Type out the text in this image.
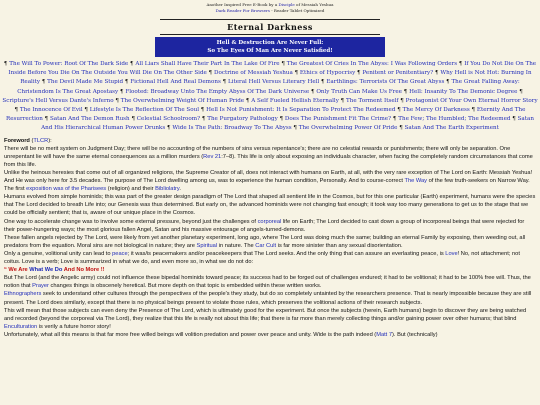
Another Inspired Free E-Book by a Disciple of Messiah Yeshua
Dark Reader For Browsers - Reader Tablet Optimized
Eternal Darkness
Hell & Destruction Are Never Full:
So The Eyes Of Man Are Never Satisfied!
¶ The Will To Power: Root Of The Dark Side ¶ All Liars Shall Have Their Part In The Lake Of Fire ¶ The Greatest Of Cries In The Abyss: I Was Following Orders ¶ If You Do Not Die On The Inside Before You Die On The Outside You Will Die On The Other Side ¶ Doctrine of Messiah Yeshua ¶ Ethics of Hypocrisy ¶ Penitent or Penitentiary? ¶ Why Hell is Not Hot: Burning In Reality ¶ The Devil Made Me Stupid ¶ Fictional Hell And Real Demons ¶ Literal Hell Versus Literary Hell ¶ Earthlings: Terrorists Of The Great Abyss ¶ The Great Falling Away: Christendom Is The Great Apostasy ¶ Flooted: Broadway Unto The Empty Abyss Of The Dark Universe ¶ Only Truth Can Make Us Free ¶ Hell: Insanity To The Demonic Degree ¶ Scripture's Hell Versus Dante's Inferno ¶ The Overwhelming Weight Of Human Pride ¶ A Self Fueled Hellish Eternally ¶ The Torment Itself ¶ Protagonist Of Your Own Eternal Horror Story ¶ The Innocence Of Evil ¶ Lifestyle Is The Reflection Of The Soul ¶ Hell Is Not Punishment: It Is Separation To Protect The Redeemed ¶ The Mercy Of Darkness ¶ Eternity And The Resurrection ¶ Satan And The Demon Rush ¶ Celestial Schoolroom? ¶ The Purgatory Pathology ¶ Does The Punishment Fit The Crime? ¶ The Few; The Humbled; The Redeemed ¶ Satan And His Hierarchical Human Power Drunks ¶ Wide Is The Path: Broadway To The Abyss ¶ The Overwhelming Power Of Pride ¶ Satan And The Earth Experiment

Foreword (TLCR):

There will be no merit system on Judgment Day; there will be no accounting of the numbers of sins versus repentance's; there are no celestial rewards or punishments; there will only be separation. One unrepentant lie will have the same eternal consequences as a million murders (Rev 21:7–8). This life is only about exposing an individuals character, when facing the completely random circumstances that come from this life.

Unlike the heinous heresies that come out of all organized religions, the Supreme Creator of all, does not interact with humans on Earth, at all, with the very rare exception of The Lord on Earth: Messiah Yeshua! And He was only here for 3.5 decades. The purpose of The Lord dwelling among us, was to experience the human condition, Personally. And to course-correct The Way of the few truth-seekers on Narrow Way. The first exposition was of the Pharisees (religion) and their Bibliolatry.

Humans evolved from simple hominids; this was part of the greater design paradigm of The Lord that shaped all sentient life in the Cosmos, but for this one particular (Earth) experiment, humans were the species that The Lord decided to breath Life into; our Genesis was thus determined. But early on, the advanced hominids were not changing fast enough; it took way too many generations to get us to the stage that we could be officially sentient; that is, aware of our unique place in the Cosmos.

One way to accelerate change was to involve some external pressure, beyond just the challenges of corporeal life on Earth; The Lord decided to cast down a group of incorporeal beings that were rejected for their power-hungering ways; the most glorious fallen Angel, Satan and his massive entourage of angels-turned-demons.

These fallen angels rejected by The Lord, were likely from yet another planetary experiment, long ago, where The Lord was doing much the same; building an eternal Family by exposing, then weeding out, all predators from the equation. Moral sins are not biological in nature; they are Spiritual in nature. The Car Cult is far more sinister than any sexual disorientation.

Only a genuine, volitional unity can lead to peace; it was/is peacemakers and/or peacekeepers that The Lord seeks. And the only thing that can assure an everlasting peace, is Love! No, not attachment; not coitus. Love is a verb; Love is summarized in what we do, and even more so, in what we do not do:

“ We Are What We Do And No More !!

But The Lord (and the Angelic army) could not influence these bipedal hominids toward peace; its success had to be forged out of challenges endured; it had to be volitional; it had to be 100% free will. Thus, the notion that Prayer changes things is obscenely heretical. But more depth on that topic is embedded within these written works.

Ethnographers seek to understand other cultures through the perspectives of the people's they study, but do so completely untainted by the researchers presence. That is nearly impossible because they are still present. The Lord does similarly, except that there is no physical beings present to violate those rules, which preserves the volitional actions of their research subjects.

This will mean that those subjects can even deny the Presence of The Lord, which is ultimately good for the experiment. But once the subjects (herein, Earth humans) begin to discover they are being watched and recorded (beyond the corporeal via The Lord), they realize that this life is really not about this life; that there is far more than merely collecting things and/or gaining power over other humans; that blind Enculturation is verily a future horror story!

Unfortunately, what all this means is that far more free willed beings will volition predation and power over peace and unity. Wide is the path indeed (Matt 7). But (technically)
